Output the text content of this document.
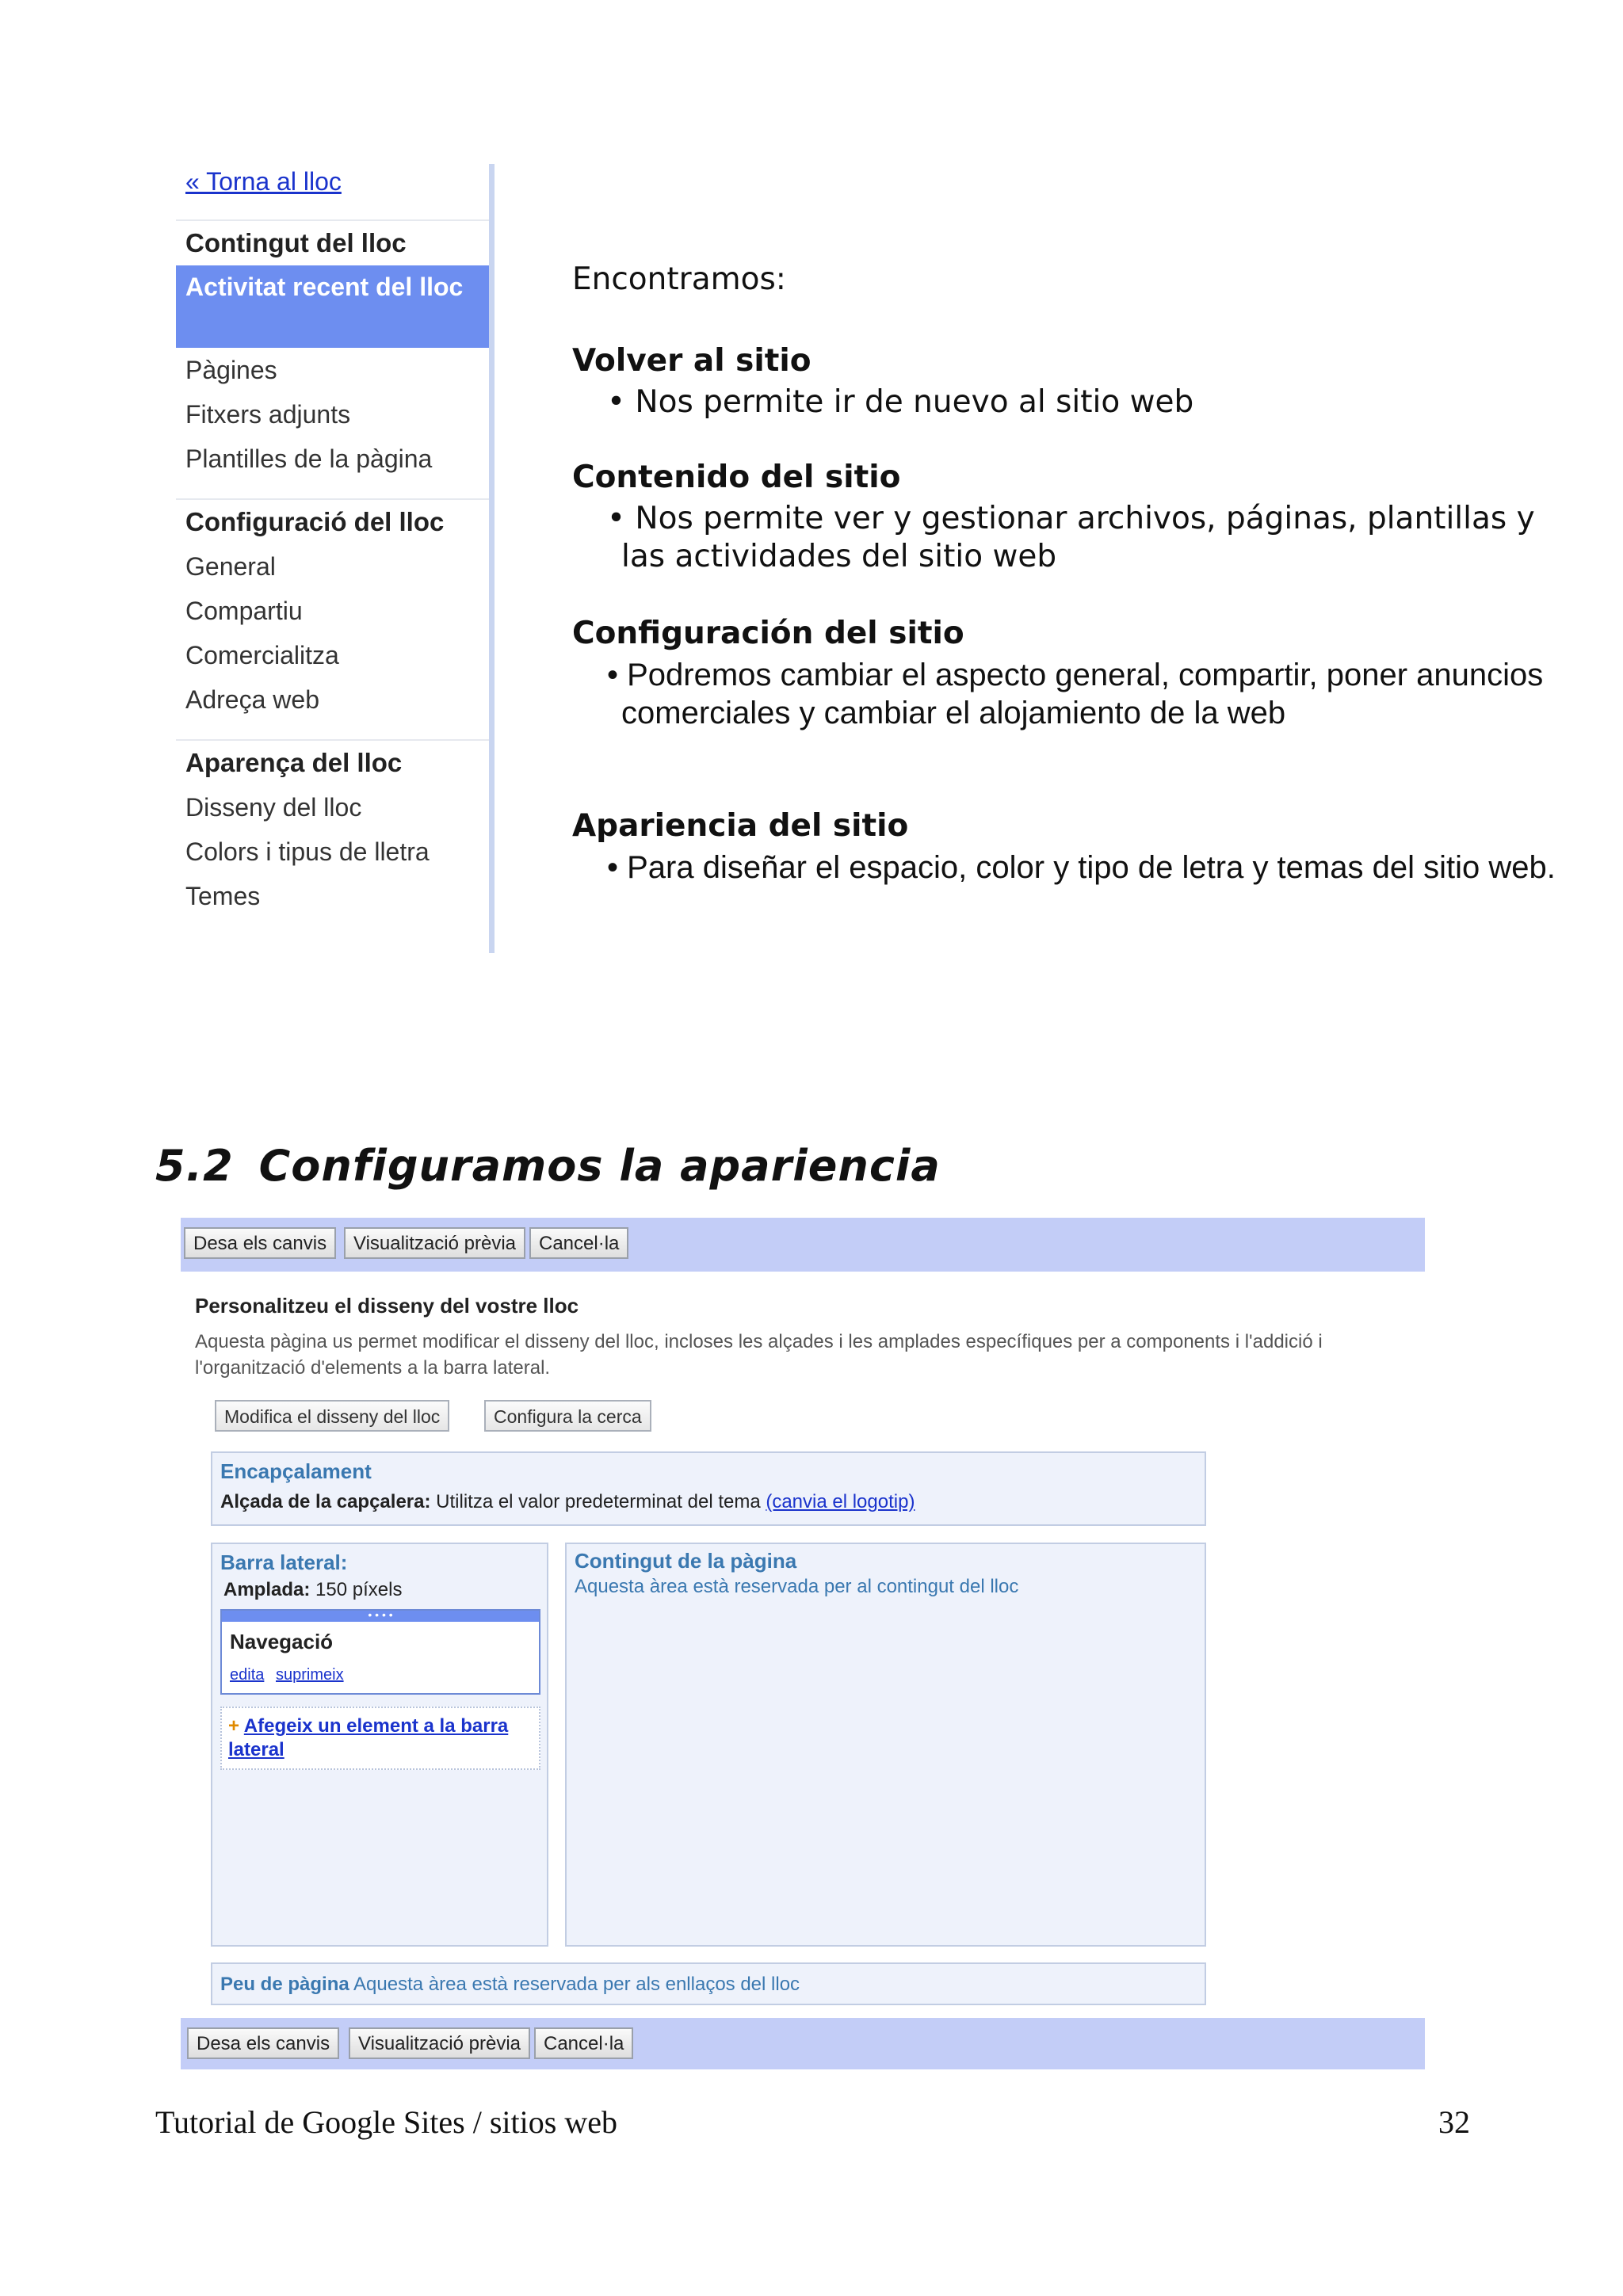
« Torna al lloc
Contingut del lloc
Activitat recent del lloc
Pàgines
Fitxers adjunts
Plantilles de la pàgina
Configuració del lloc
General
Compartiu
Comercialitza
Adreça web
Aparença del lloc
Disseny del lloc
Colors i tipus de lletra
Temes

Encontramos:

Volver al sitio
• Nos permite ir de nuevo al sitio web
Contenido del sitio
• Nos permite ver y gestionar archivos, páginas, plantillas y las actividades del sitio web
Configuración del sitio
• Podremos cambiar el aspecto general, compartir, poner anuncios comerciales y cambiar el alojamiento de la web
Apariencia del sitio
• Para diseñar el espacio, color y tipo de letra y temas del sitio web.
5.2 Configuramos la apariencia
Desa els canvis	Visualització prèvia	Cancel·la
Personalitzeu el disseny del vostre lloc
Aquesta pàgina us permet modificar el disseny del lloc, incloses les alçades i les amplades específiques per a components i l'addició i l'organització d'elements a la barra lateral.
Modifica el disseny del lloc	Configura la cerca
Encapçalament
Alçada de la capçalera: Utilitza el valor predeterminat del tema (canvia el logotip)
Barra lateral:
Amplada: 150 píxels
• • • •
Navegació
edita suprimeix
+ Afegeix un element a la barra lateral
Contingut de la pàgina
Aquesta àrea està reservada per al contingut del lloc
Peu de pàgina Aquesta àrea està reservada per als enllaços del lloc
Desa els canvis	Visualització prèvia	Cancel·la
Tutorial de Google Sites / sitios web	32
